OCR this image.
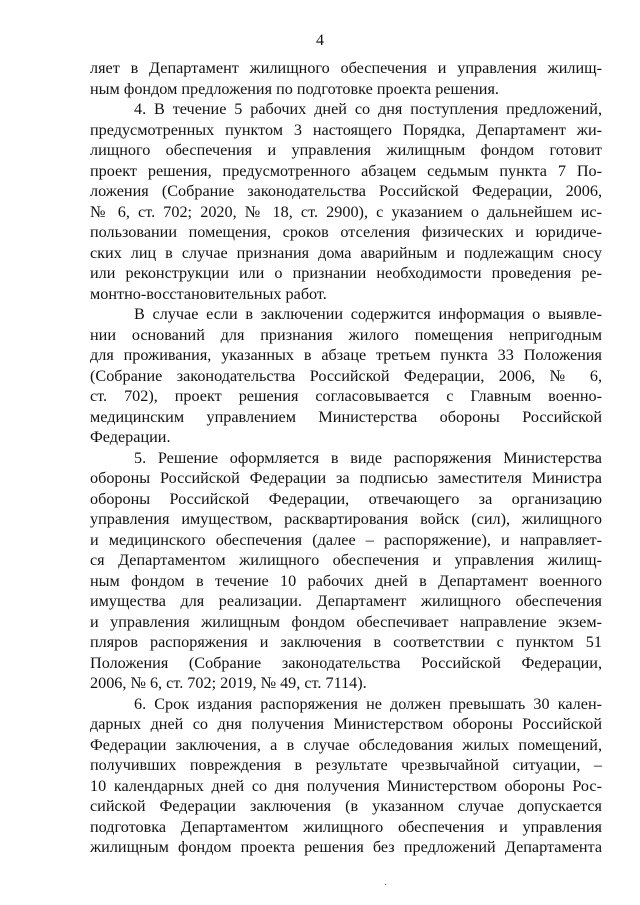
4
ляет в Департамент жилищного обеспечения и управления жилищ-
ным фондом предложения по подготовке проекта решения.
4. В течение 5 рабочих дней со дня поступления предложений,
предусмотренных пунктом 3 настоящего Порядка, Департамент жи-
лищного обеспечения и управления жилищным фондом готовит
проект решения, предусмотренного абзацем седьмым пункта 7 По-
ложения (Собрание законодательства Российской Федерации, 2006,
№ 6, ст. 702; 2020, № 18, ст. 2900), с указанием о дальнейшем ис-
пользовании помещения, сроков отселения физических и юридиче-
ских лиц в случае признания дома аварийным и подлежащим сносу
или реконструкции или о признании необходимости проведения ре-
монтно-восстановительных работ.
В случае если в заключении содержится информация о выявле-
нии оснований для признания жилого помещения непригодным
для проживания, указанных в абзаце третьем пункта 33 Положения
(Собрание законодательства Российской Федерации, 2006, № 6,
ст. 702), проект решения согласовывается с Главным военно-
медицинским управлением Министерства обороны Российской
Федерации.
5. Решение оформляется в виде распоряжения Министерства
обороны Российской Федерации за подписью заместителя Министра
обороны Российской Федерации, отвечающего за организацию
управления имуществом, расквартирования войск (сил), жилищного
и медицинского обеспечения (далее – распоряжение), и направляет-
ся Департаментом жилищного обеспечения и управления жилищ-
ным фондом в течение 10 рабочих дней в Департамент военного
имущества для реализации. Департамент жилищного обеспечения
и управления жилищным фондом обеспечивает направление экзем-
пляров распоряжения и заключения в соответствии с пунктом 51
Положения (Собрание законодательства Российской Федерации,
2006, № 6, ст. 702; 2019, № 49, ст. 7114).
6. Срок издания распоряжения не должен превышать 30 кален-
дарных дней со дня получения Министерством обороны Российской
Федерации заключения, а в случае обследования жилых помещений,
получивших повреждения в результате чрезвычайной ситуации, –
10 календарных дней со дня получения Министерством обороны Рос-
сийской Федерации заключения (в указанном случае допускается
подготовка Департаментом жилищного обеспечения и управления
жилищным фондом проекта решения без предложений Департамента
·
